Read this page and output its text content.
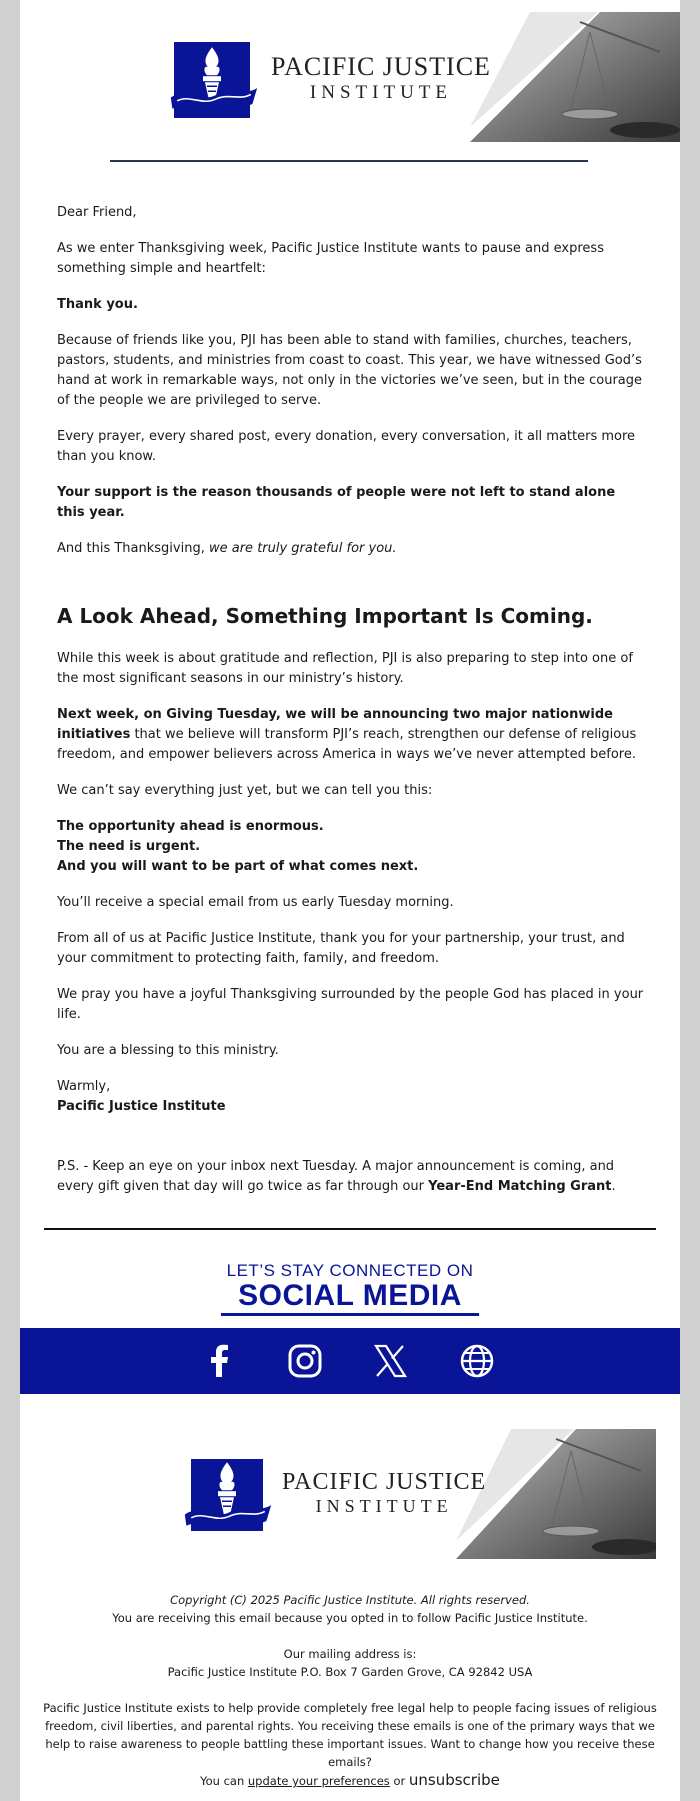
PACIFIC JUSTICE
INSTITUTE

Dear Friend,

As we enter Thanksgiving week, Pacific Justice Institute wants to pause and express something simple and heartfelt:

Thank you.

Because of friends like you, PJI has been able to stand with families, churches, teachers, pastors, students, and ministries from coast to coast. This year, we have witnessed God’s hand at work in remarkable ways, not only in the victories we’ve seen, but in the courage of the people we are privileged to serve.

Every prayer, every shared post, every donation, every conversation, it all matters more than you know.

Your support is the reason thousands of people were not left to stand alone this year.

And this Thanksgiving, we are truly grateful for you.

A Look Ahead, Something Important Is Coming.

While this week is about gratitude and reflection, PJI is also preparing to step into one of the most significant seasons in our ministry’s history.

Next week, on Giving Tuesday, we will be announcing two major nationwide initiatives that we believe will transform PJI’s reach, strengthen our defense of religious freedom, and empower believers across America in ways we’ve never attempted before.

We can’t say everything just yet, but we can tell you this:

The opportunity ahead is enormous.
The need is urgent.
And you will want to be part of what comes next.

You’ll receive a special email from us early Tuesday morning.

From all of us at Pacific Justice Institute, thank you for your partnership, your trust, and your commitment to protecting faith, family, and freedom.

We pray you have a joyful Thanksgiving surrounded by the people God has placed in your life.

You are a blessing to this ministry.

Warmly,
Pacific Justice Institute

P.S. - Keep an eye on your inbox next Tuesday. A major announcement is coming, and every gift given that day will go twice as far through our Year-End Matching Grant.

LET’S STAY CONNECTED ON
SOCIAL MEDIA
PACIFIC JUSTICE
INSTITUTE

Copyright (C) 2025 Pacific Justice Institute. All rights reserved.

You are receiving this email because you opted in to follow Pacific Justice Institute.

Our mailing address is:

Pacific Justice Institute P.O. Box 7 Garden Grove, CA 92842 USA

Pacific Justice Institute exists to help provide completely free legal help to people facing issues of religious freedom, civil liberties, and parental rights. You receiving these emails is one of the primary ways that we help to raise awareness to people battling these important issues. Want to change how you receive these emails?

You can update your preferences or unsubscribe
